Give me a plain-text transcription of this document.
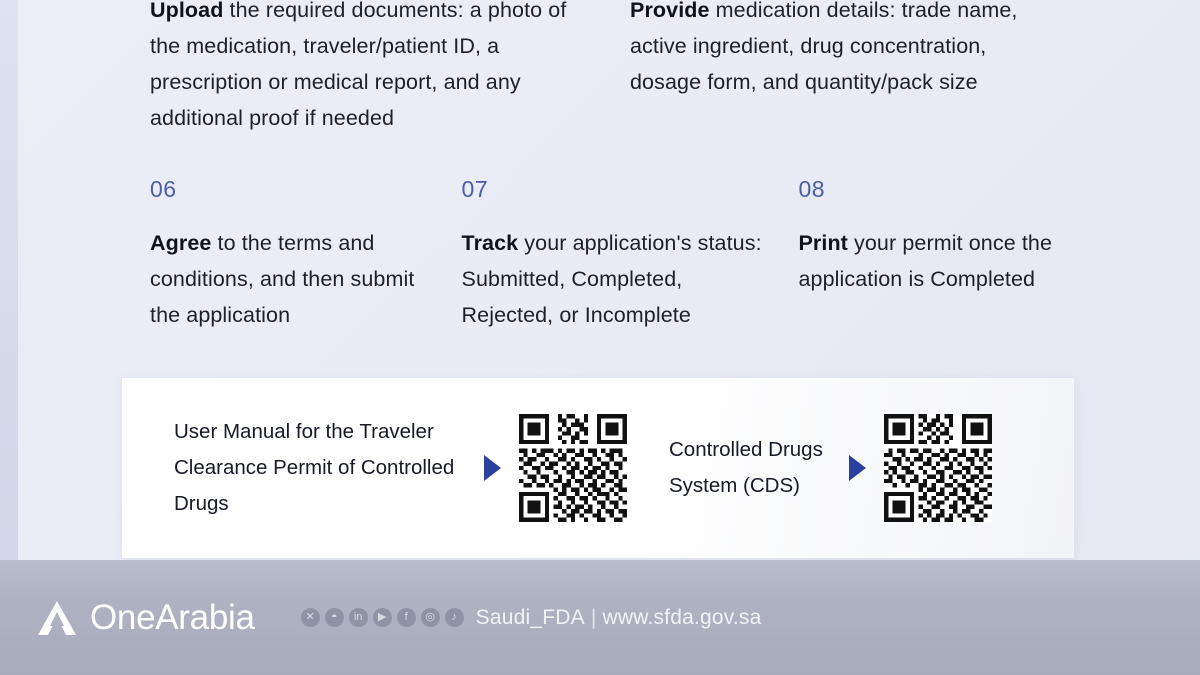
Upload the required documents: a photo of the medication, traveler/patient ID, a prescription or medical report, and any additional proof if needed
Provide medication details: trade name, active ingredient, drug concentration, dosage form, and quantity/pack size
06
Agree to the terms and conditions, and then submit the application
07
Track your application's status: Submitted, Completed, Rejected, or Incomplete
08
Print your permit once the application is Completed
User Manual for the Traveler Clearance Permit of Controlled Drugs
Controlled Drugs System (CDS)
OneArabia	✕	◓	in	▶	f	◎	♪ Saudi_FDA | www.sfda.gov.sa
